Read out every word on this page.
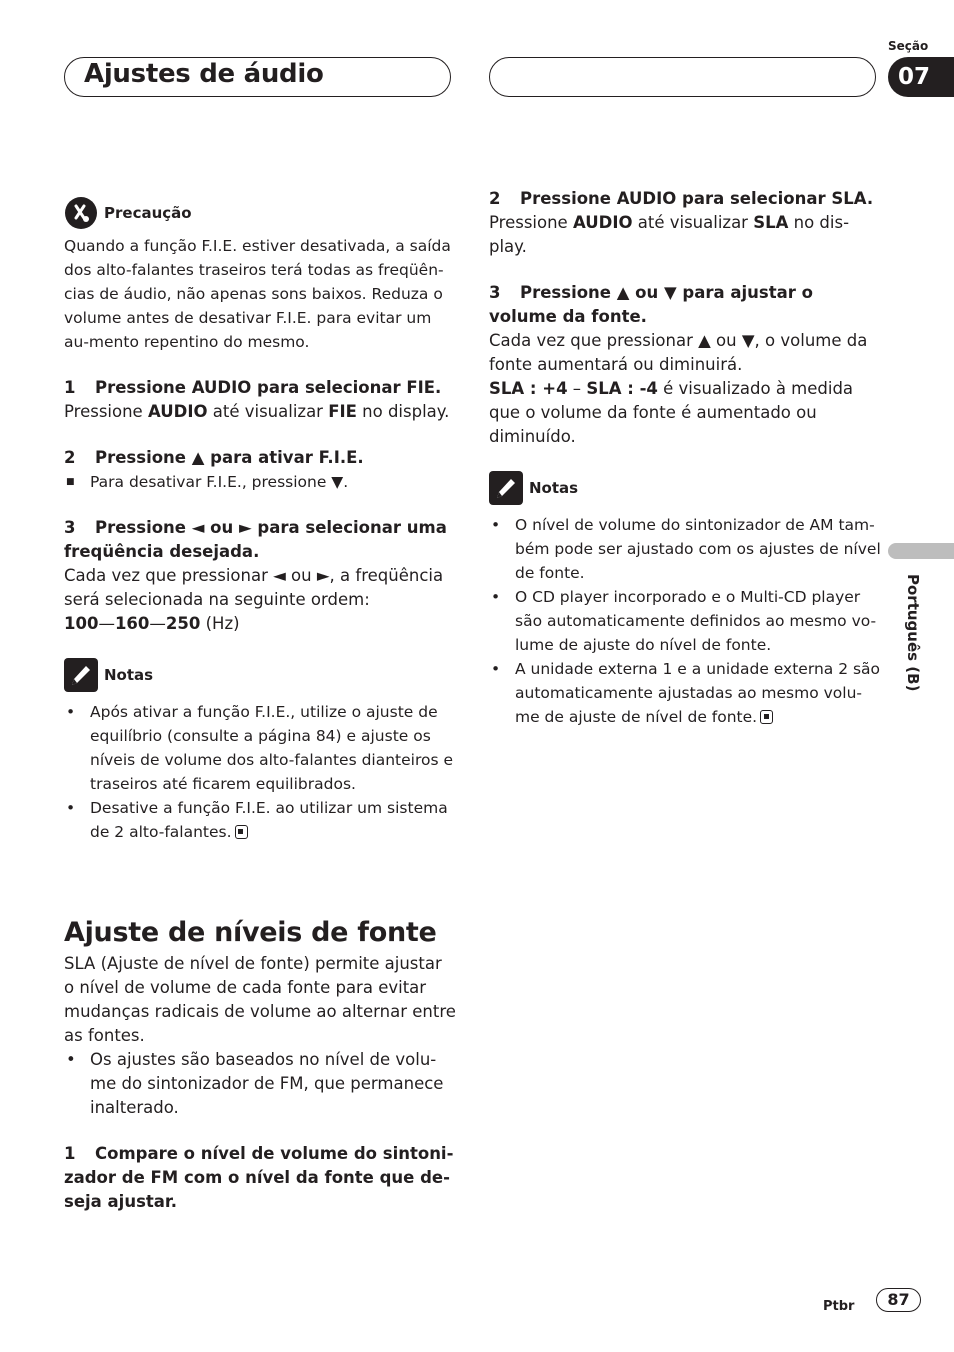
Ajustes de áudio
Seção
07
Português (B)
Precaução

Quando a função F.I.E. estiver desativada, a saída dos alto-falantes traseiros terá todas as freqüên-cias de áudio, não apenas sons baixos. Reduza o volume antes de desativar F.I.E. para evitar um au-mento repentino do mesmo.

1 Pressione AUDIO para selecionar FIE.

Pressione AUDIO até visualizar FIE no display.

2 Pressione ▲ para ativar F.I.E.
■ Para desativar F.I.E., pressione ▼.
3 Pressione ◄ ou ► para selecionar uma freqüência desejada.

Cada vez que pressionar ◄ ou ►, a freqüência será selecionada na seguinte ordem:

100—160—250 (Hz)

Notas
• Após ativar a função F.I.E., utilize o ajuste de equilíbrio (consulte a página 84) e ajuste os níveis de volume dos alto-falantes dianteiros e traseiros até ficarem equilibrados.
• Desative a função F.I.E. ao utilizar um sistema de 2 alto-falantes.
Ajuste de níveis de fonte

SLA (Ajuste de nível de fonte) permite ajustar o nível de volume de cada fonte para evitar mudanças radicais de volume ao alternar entre as fontes.

• Os ajustes são baseados no nível de volu-me do sintonizador de FM, que permanece inalterado.
1 Compare o nível de volume do sintoni-zador de FM com o nível da fonte que de-seja ajustar.
2 Pressione AUDIO para selecionar SLA.

Pressione AUDIO até visualizar SLA no dis-play.

3 Pressione ▲ ou ▼ para ajustar o volume da fonte.

Cada vez que pressionar ▲ ou ▼, o volume da fonte aumentará ou diminuirá.

SLA : +4 – SLA : -4 é visualizado à medida que o volume da fonte é aumentado ou diminuído.

Notas
• O nível de volume do sintonizador de AM tam-bém pode ser ajustado com os ajustes de nível de fonte.
• O CD player incorporado e o Multi-CD player são automaticamente definidos ao mesmo vo-lume de ajuste do nível de fonte.
• A unidade externa 1 e a unidade externa 2 são automaticamente ajustadas ao mesmo volu-me de ajuste de nível de fonte.
Ptbr	87
